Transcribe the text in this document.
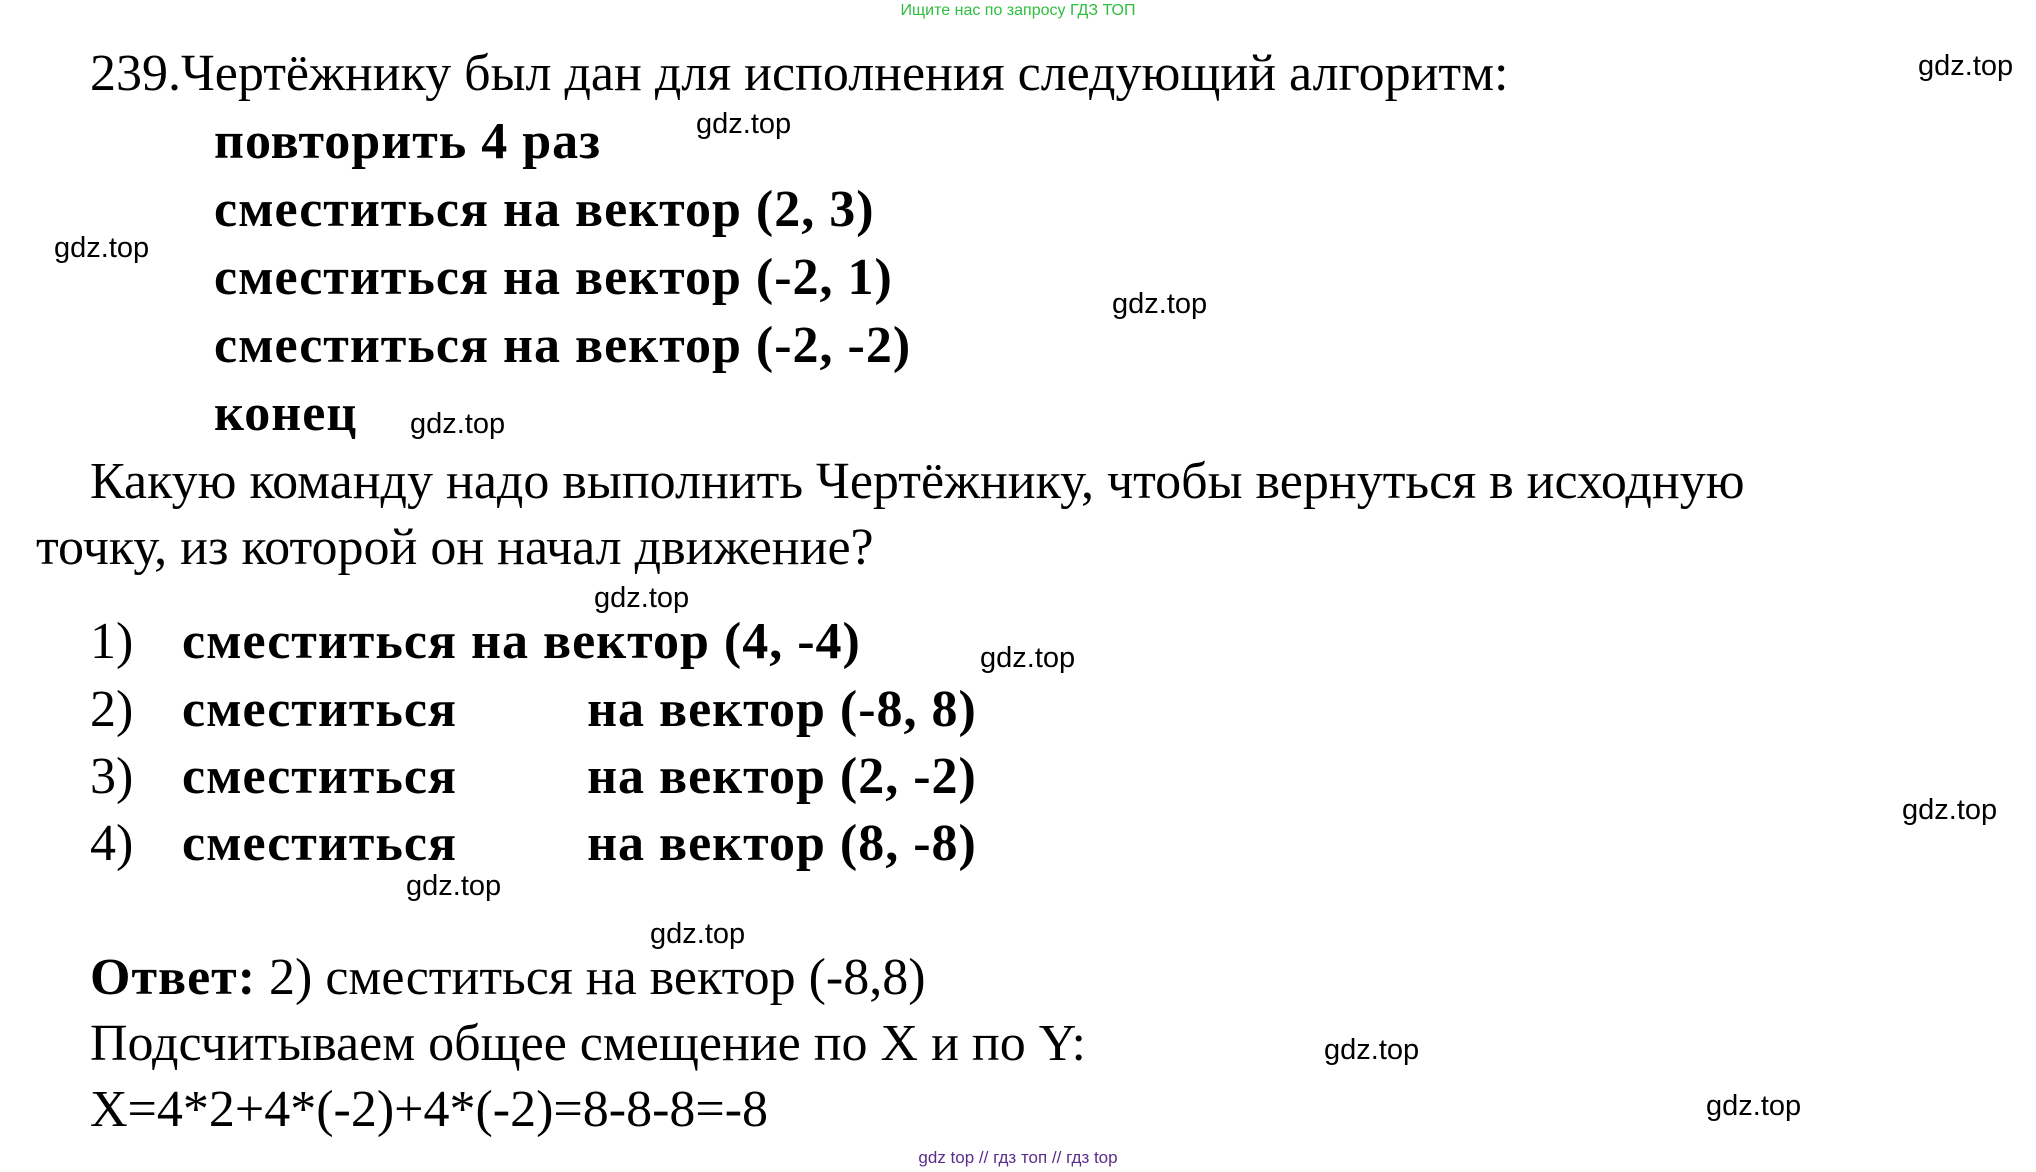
Ищите нас по запросу ГДЗ ТОП
239.Чертёжнику был дан для исполнения следующий алгоритм:
повторить 4 раз
сместиться на вектор (2, 3)
сместиться на вектор (-2, 1)
сместиться на вектор (-2, -2)
конец
Какую команду надо выполнить Чертёжнику, чтобы вернуться в исходную
точку, из которой он начал движение?
1) сместиться на вектор (4, -4)
2) сместиться	на вектор (-8, 8)
3) сместиться	на вектор (2, -2)
4) сместиться	на вектор (8, -8)
Ответ: 2) сместиться на вектор (-8,8)
Подсчитываем общее смещение по X и по Y:
X=4*2+4*(-2)+4*(-2)=8-8-8=-8
gdz.top
gdz.top
gdz.top
gdz.top
gdz.top
gdz.top
gdz.top
gdz.top
gdz.top
gdz.top
gdz.top
gdz.top
gdz top // гдз топ // гдз top
